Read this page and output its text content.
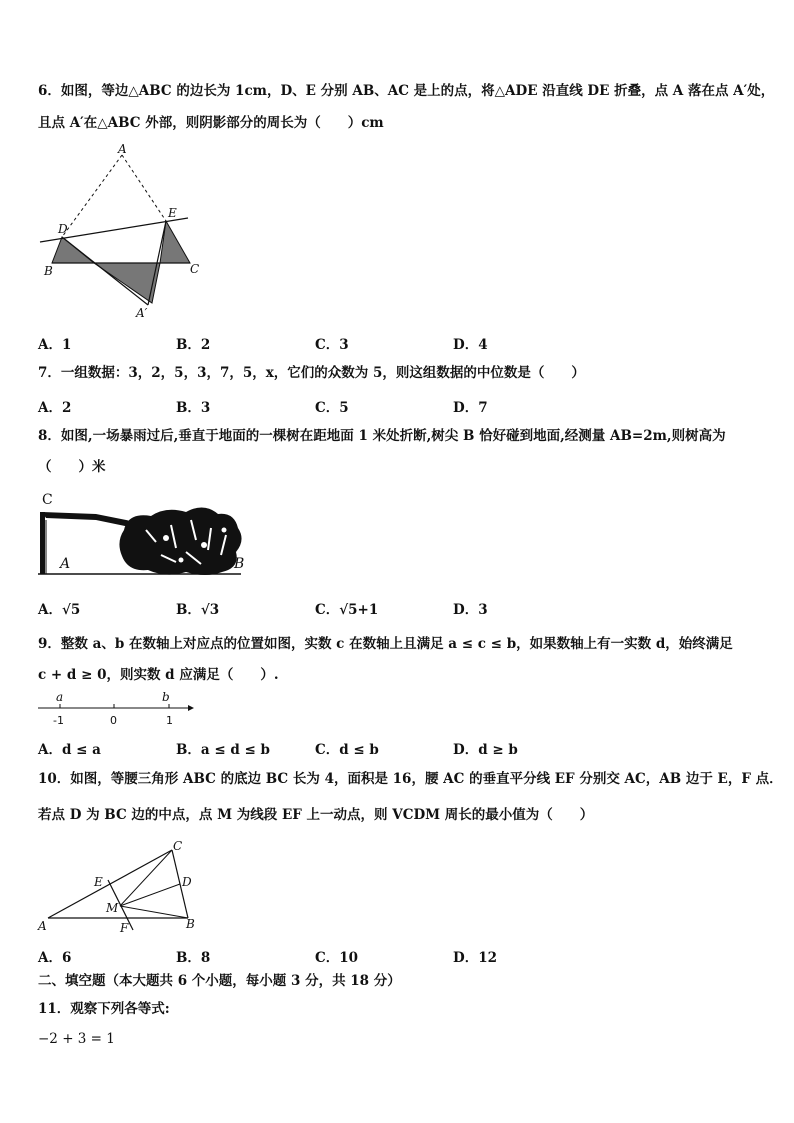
6．如图，等边△ABC 的边长为 1cm，D、E 分别 AB、AC 是上的点，将△ADE 沿直线 DE 折叠，点 A 落在点 A′处，
且点 A′在△ABC 外部，则阴影部分的周长为（　　）cm
A
D
E
B	C
A′
A．1	B．2	C．3	D．4
7．一组数据：3，2，5，3，7，5，x，它们的众数为 5，则这组数据的中位数是（　　）
A．2	B．3	C．5	D．7
8．如图,一场暴雨过后,垂直于地面的一棵树在距地面 1 米处折断,树尖 B 恰好碰到地面,经测量 AB=2m,则树高为
（　　）米
C
A	B
A．√5	B．√3	C．√5+1	D．3
9．整数 a、b 在数轴上对应点的位置如图，实数 c 在数轴上且满足 a ≤ c ≤ b，如果数轴上有一实数 d，始终满足
c + d ≥ 0，则实数 d 应满足（　　）.
a	b
-1	0	1
A．d ≤ a	B．a ≤ d ≤ b	C．d ≤ b	D．d ≥ b
10．如图，等腰三角形 ABC 的底边 BC 长为 4，面积是 16，腰 AC 的垂直平分线 EF 分别交 AC，AB 边于 E，F 点．
若点 D 为 BC 边的中点，点 M 为线段 EF 上一动点，则 VCDM 周长的最小值为（　　）
C
D
E
M
A	B
F
A．6	B．8	C．10	D．12
二、填空题（本大题共 6 个小题，每小题 3 分，共 18 分）
11．观察下列各等式:
−2 + 3 = 1
